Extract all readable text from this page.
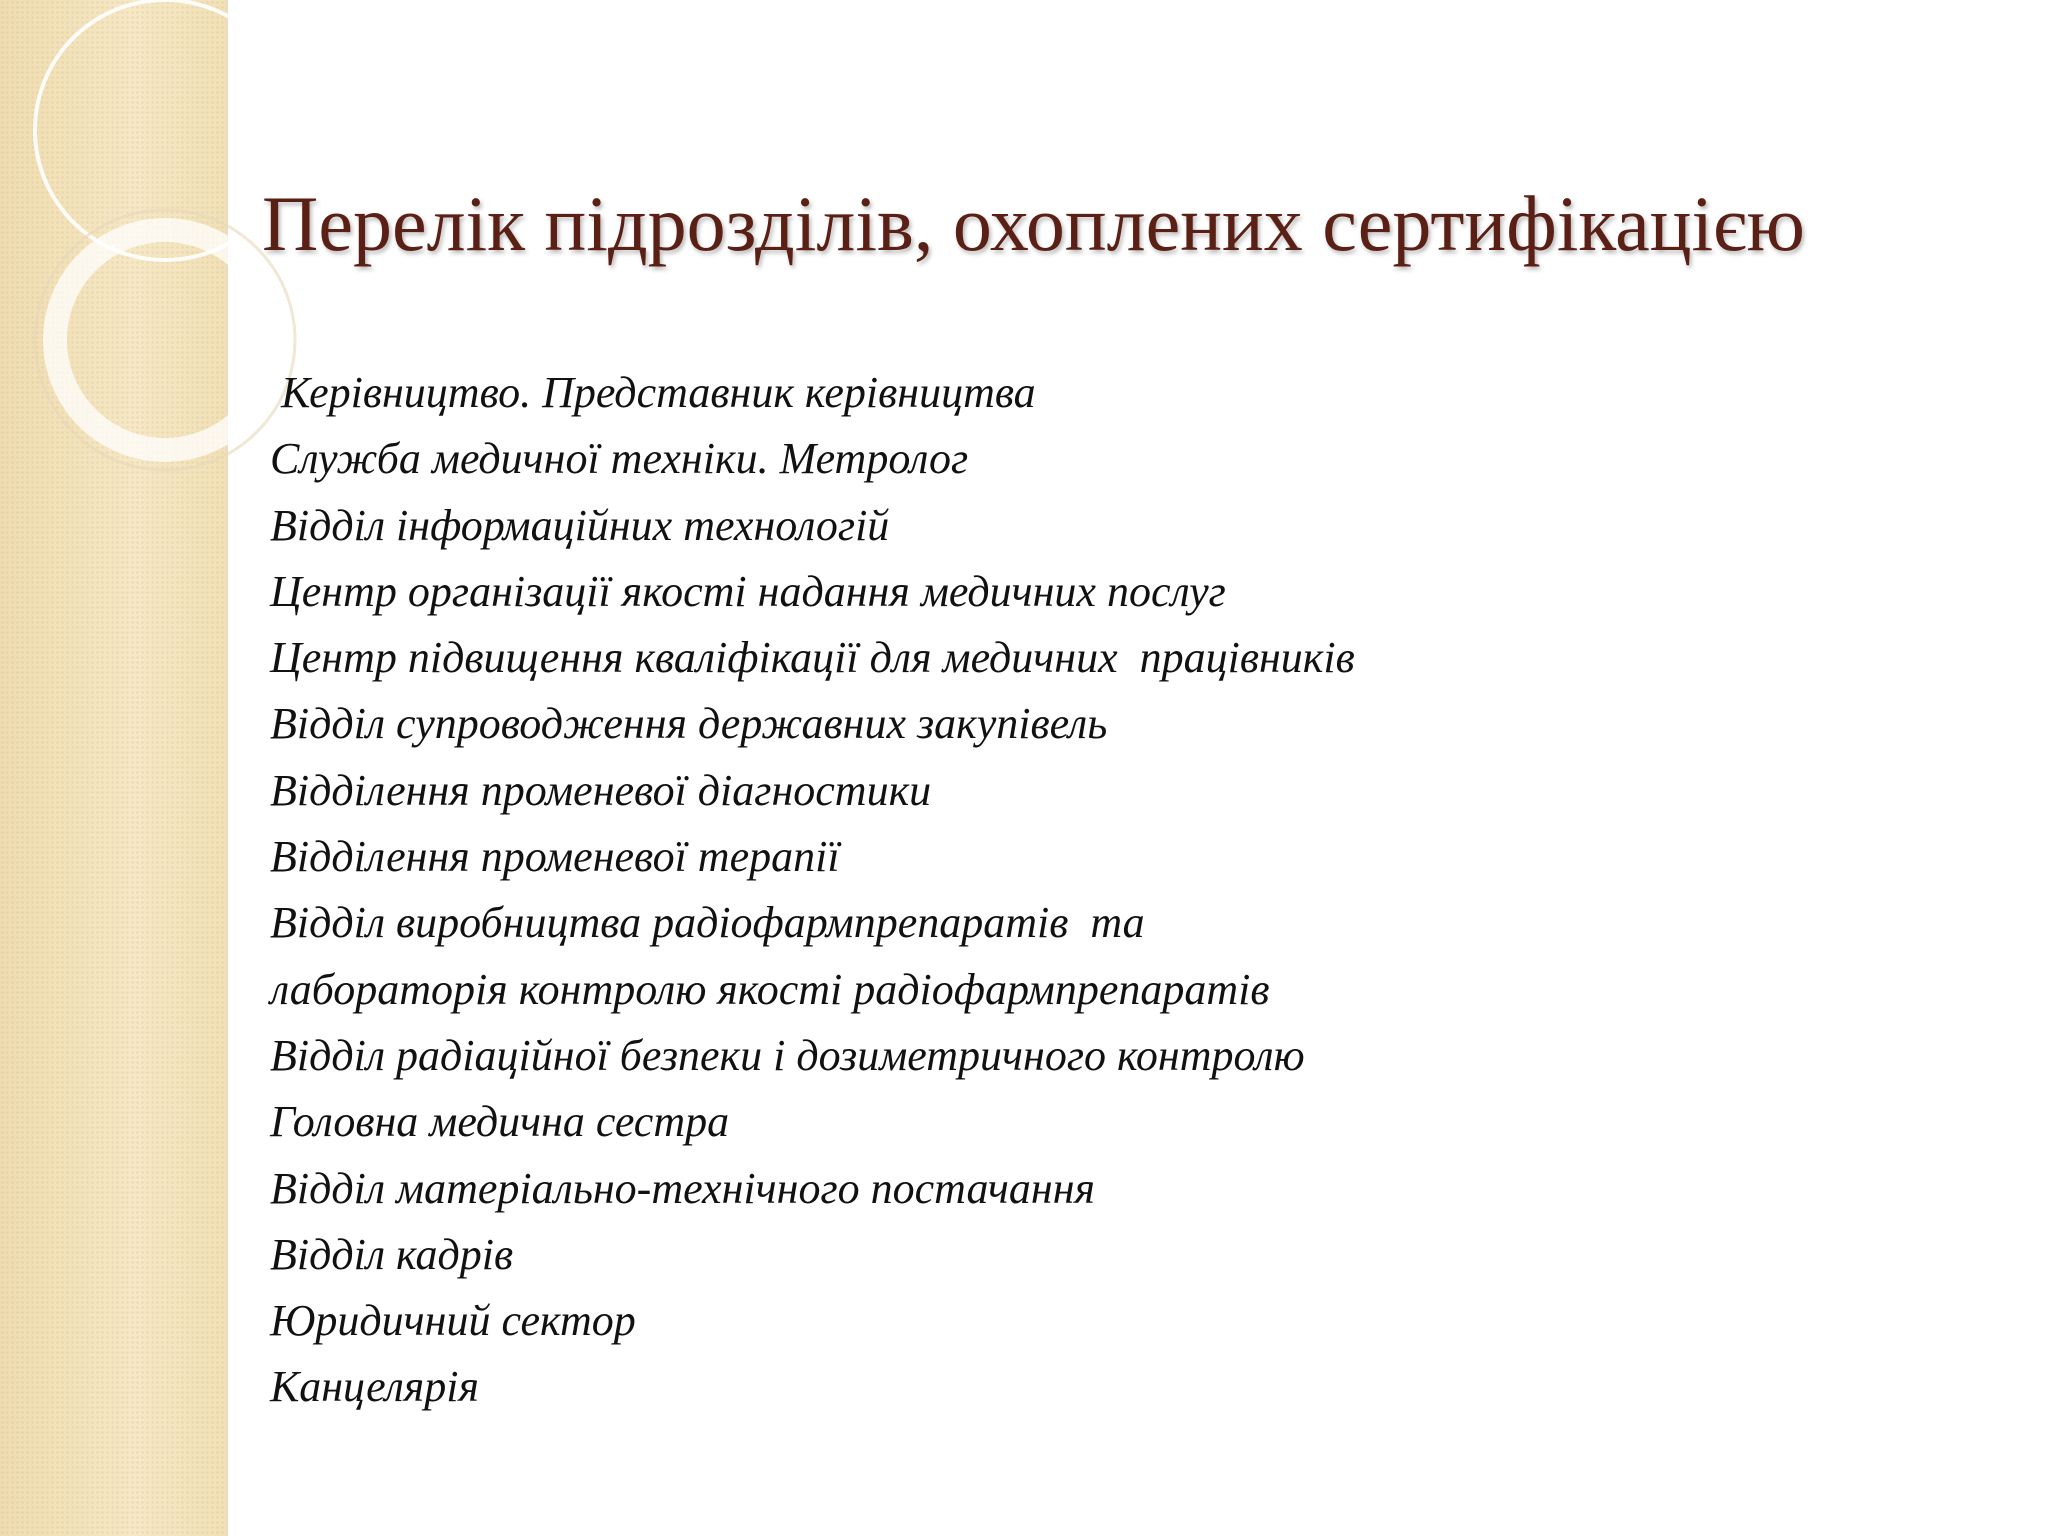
Перелік підрозділів, охоплених сертифікацією
Керівництво. Представник керівництва
Служба медичної техніки. Метролог
Відділ інформаційних технологій
Центр організації якості надання медичних послуг
Центр підвищення кваліфікації для медичних  працівників
Відділ супроводження державних закупівель
Відділення променевої діагностики
Відділення променевої терапії
Відділ виробництва радіофармпрепаратів  та
лабораторія контролю якості радіофармпрепаратів
Відділ радіаційної безпеки і дозиметричного контролю
Головна медична сестра
Відділ матеріально-технічного постачання
Відділ кадрів
Юридичний сектор
Канцелярія
